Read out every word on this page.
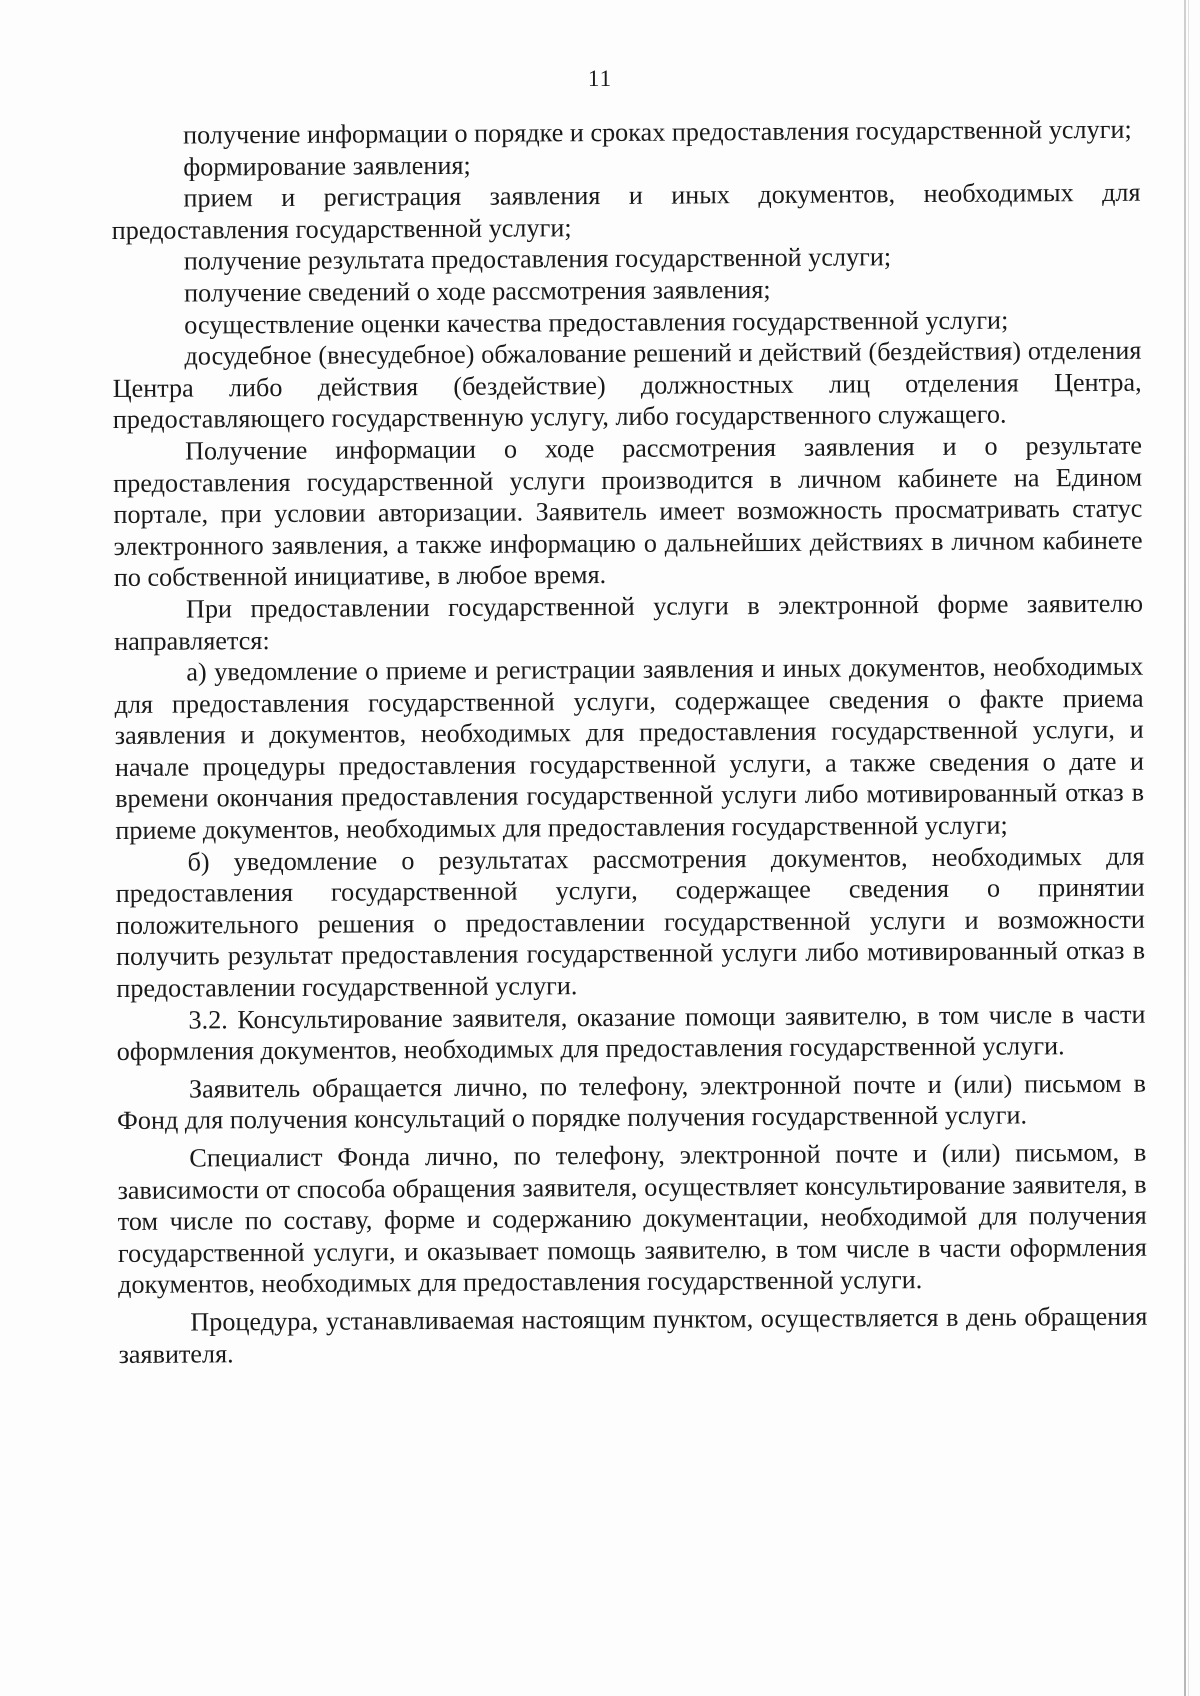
11

получение информации о порядке и сроках предоставления государственной услуги;

формирование заявления;

прием и регистрация заявления и иных документов, необходимых для предоставления государственной услуги;

получение результата предоставления государственной услуги;

получение сведений о ходе рассмотрения заявления;

осуществление оценки качества предоставления государственной услуги;

досудебное (внесудебное) обжалование решений и действий (бездействия) отделения Центра либо действия (бездействие) должностных лиц отделения Центра, предоставляющего государственную услугу, либо государственного служащего.

Получение информации о ходе рассмотрения заявления и о результате предоставления государственной услуги производится в личном кабинете на Едином портале, при условии авторизации. Заявитель имеет возможность просматривать статус электронного заявления, а также информацию о дальнейших действиях в личном кабинете по собственной инициативе, в любое время.

При предоставлении государственной услуги в электронной форме заявителю направляется:

а) уведомление о приеме и регистрации заявления и иных документов, необходимых для предоставления государственной услуги, содержащее сведения о факте приема заявления и документов, необходимых для предоставления государственной услуги, и начале процедуры предоставления государственной услуги, а также сведения о дате и времени окончания предоставления государственной услуги либо мотивированный отказ в приеме документов, необходимых для предоставления государственной услуги;

б) уведомление о результатах рассмотрения документов, необходимых для предоставления государственной услуги, содержащее сведения о принятии положительного решения о предоставлении государственной услуги и возможности получить результат предоставления государственной услуги либо мотивированный отказ в предоставлении государственной услуги.

3.2. Консультирование заявителя, оказание помощи заявителю, в том числе в части оформления документов, необходимых для предоставления государственной услуги.

Заявитель обращается лично, по телефону, электронной почте и (или) письмом в Фонд для получения консультаций о порядке получения государственной услуги.

Специалист Фонда лично, по телефону, электронной почте и (или) письмом, в зависимости от способа обращения заявителя, осуществляет консультирование заявителя, в том числе по составу, форме и содержанию документации, необходимой для получения государственной услуги, и оказывает помощь заявителю, в том числе в части оформления документов, необходимых для предоставления государственной услуги.

Процедура, устанавливаемая настоящим пунктом, осуществляется в день обращения заявителя.
